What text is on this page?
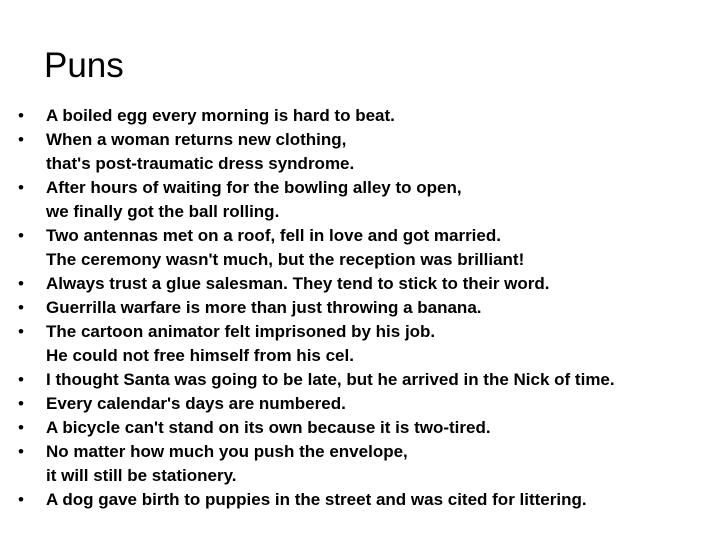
Puns
•	A boiled egg every morning is hard to beat.
•	When a woman returns new clothing,
that's post-traumatic dress syndrome.
•	After hours of waiting for the bowling alley to open,
we finally got the ball rolling.
•	Two antennas met on a roof, fell in love and got married.
The ceremony wasn't much, but the reception was brilliant!
•	Always trust a glue salesman. They tend to stick to their word.
•	Guerrilla warfare is more than just throwing a banana.
•	The cartoon animator felt imprisoned by his job.
He could not free himself from his cel.
•	I thought Santa was going to be late, but he arrived in the Nick of time.
•	Every calendar's days are numbered.
•	A bicycle can't stand on its own because it is two-tired.
•	No matter how much you push the envelope,
it will still be stationery.
•	A dog gave birth to puppies in the street and was cited for littering.
